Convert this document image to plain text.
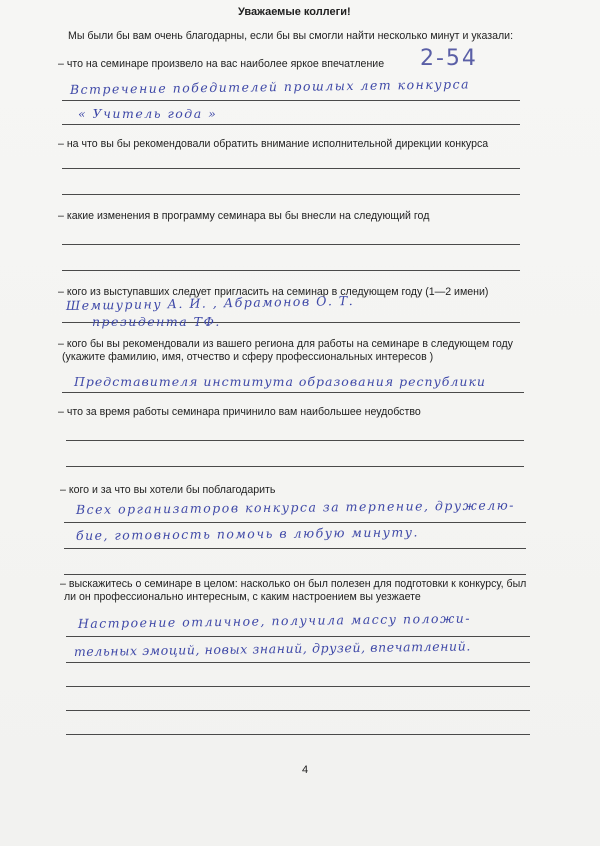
Уважаемые коллеги!
Мы были бы вам очень благодарны, если бы вы смогли найти несколько минут и указали:
2-54
– что на семинаре произвело на вас наиболее яркое впечатление
Встречение победителей прошлых лет конкурса
« Учитель года »
– на что вы бы рекомендовали обратить внимание исполнительной дирекции конкурса
– какие изменения в программу семинара вы бы внесли на следующий год
– кого из выступавших следует пригласить на семинар в следующем году (1—2 имени)
Шемшурину А. И. , Абрамонов О. Т.
президента ТФ.
– кого бы вы рекомендовали из вашего региона для работы на семинаре в следующем году
(укажите фамилию, имя, отчество и сферу профессиональных интересов )
Представителя института образования республики
– что за время работы семинара причинило вам наибольшее неудобство
– кого и за что вы хотели бы поблагодарить
Всех организаторов конкурса за терпение, дружелю-
бие, готовность помочь в любую минуту.
– выскажитесь о семинаре в целом: насколько он был полезен для подготовки к конкурсу, был
ли он профессионально интересным, с каким настроением вы уезжаете
Настроение отличное, получила массу положи-
тельных эмоций, новых знаний, друзей, впечатлений.
4
